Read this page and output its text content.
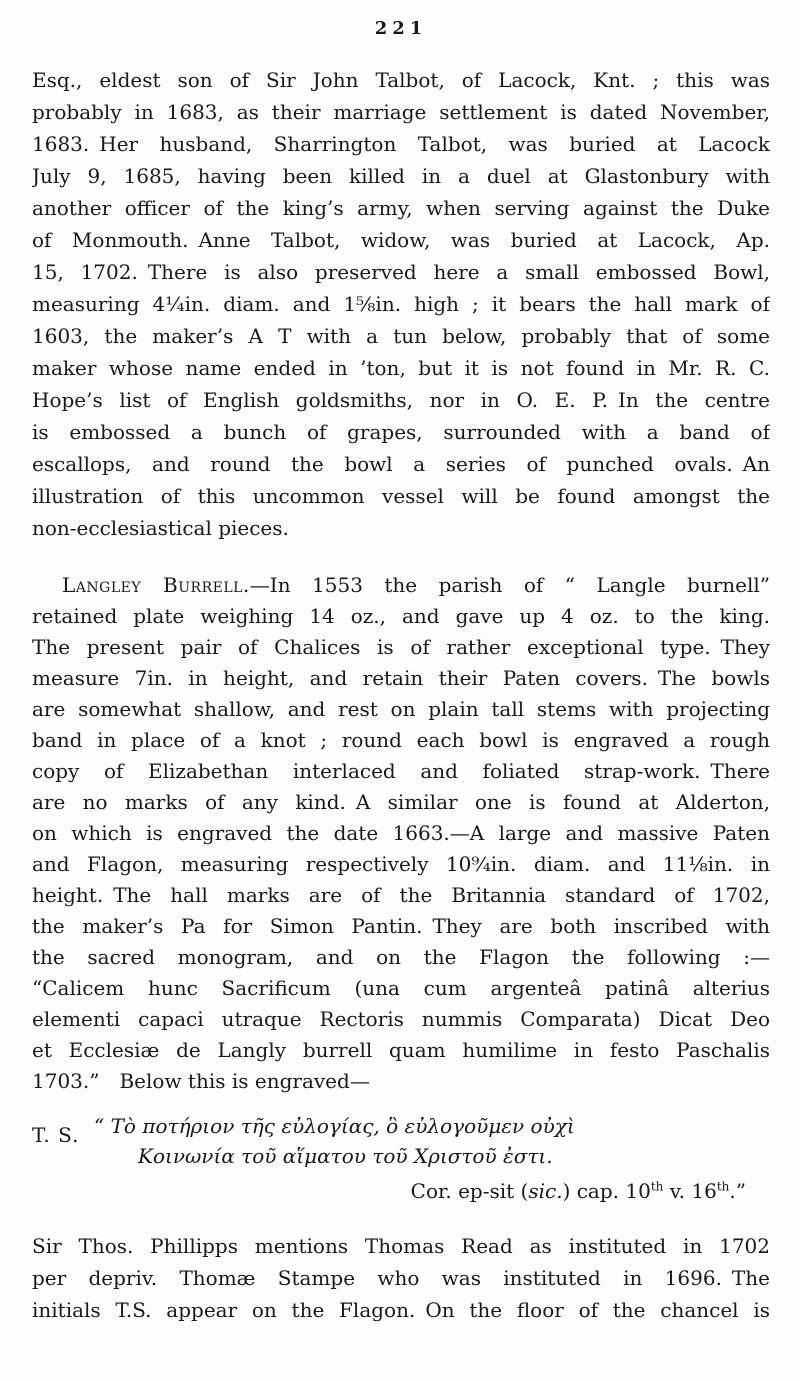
221
Esq., eldest son of Sir John Talbot, of Lacock, Knt. ; this was
probably in 1683, as their marriage settlement is dated November,
1683. Her husband, Sharrington Talbot, was buried at Lacock
July 9, 1685, having been killed in a duel at Glastonbury with
another officer of the king’s army, when serving against the Duke
of Monmouth. Anne Talbot, widow, was buried at Lacock, Ap.
15, 1702. There is also preserved here a small embossed Bowl,
measuring 4¼in. diam. and 1⅝in. high ; it bears the hall mark of
1603, the maker’s A T with a tun below, probably that of some
maker whose name ended in ’ton, but it is not found in Mr. R. C.
Hope’s list of English goldsmiths, nor in O. E. P. In the centre
is embossed a bunch of grapes, surrounded with a band of
escallops, and round the bowl a series of punched ovals. An
illustration of this uncommon vessel will be found amongst the
non-ecclesiastical pieces.
Langley Burrell.—In 1553 the parish of “ Langle burnell”
retained plate weighing 14 oz., and gave up 4 oz. to the king.
The present pair of Chalices is of rather exceptional type. They
measure 7in. in height, and retain their Paten covers. The bowls
are somewhat shallow, and rest on plain tall stems with projecting
band in place of a knot ; round each bowl is engraved a rough
copy of Elizabethan interlaced and foliated strap-work. There
are no marks of any kind. A similar one is found at Alderton,
on which is engraved the date 1663.—A large and massive Paten
and Flagon, measuring respectively 10⁹⁄₄in. diam. and 11⅛in. in
height. The hall marks are of the Britannia standard of 1702,
the maker’s Pa for Simon Pantin. They are both inscribed with
the sacred monogram, and on the Flagon the following :—
“Calicem hunc Sacrificum (una cum argenteâ patinâ alterius
elementi capaci utraque Rectoris nummis Comparata) Dicat Deo
et Ecclesiæ de Langly burrell quam humilime in festo Paschalis
1703.” Below this is engraved—
T. S. “ Τὸ ποτήριον τῆς εὐλογίας, ὃ εὐλογοῦμεν οὐχὶ
Κοινωνία τοῦ αἵματου τοῦ Χριστοῦ ἐστι.
Cor. ep-sit (sic.) cap. 10th v. 16th.”
Sir Thos. Phillipps mentions Thomas Read as instituted in 1702
per depriv. Thomæ Stampe who was instituted in 1696. The
initials T.S. appear on the Flagon. On the floor of the chancel is
